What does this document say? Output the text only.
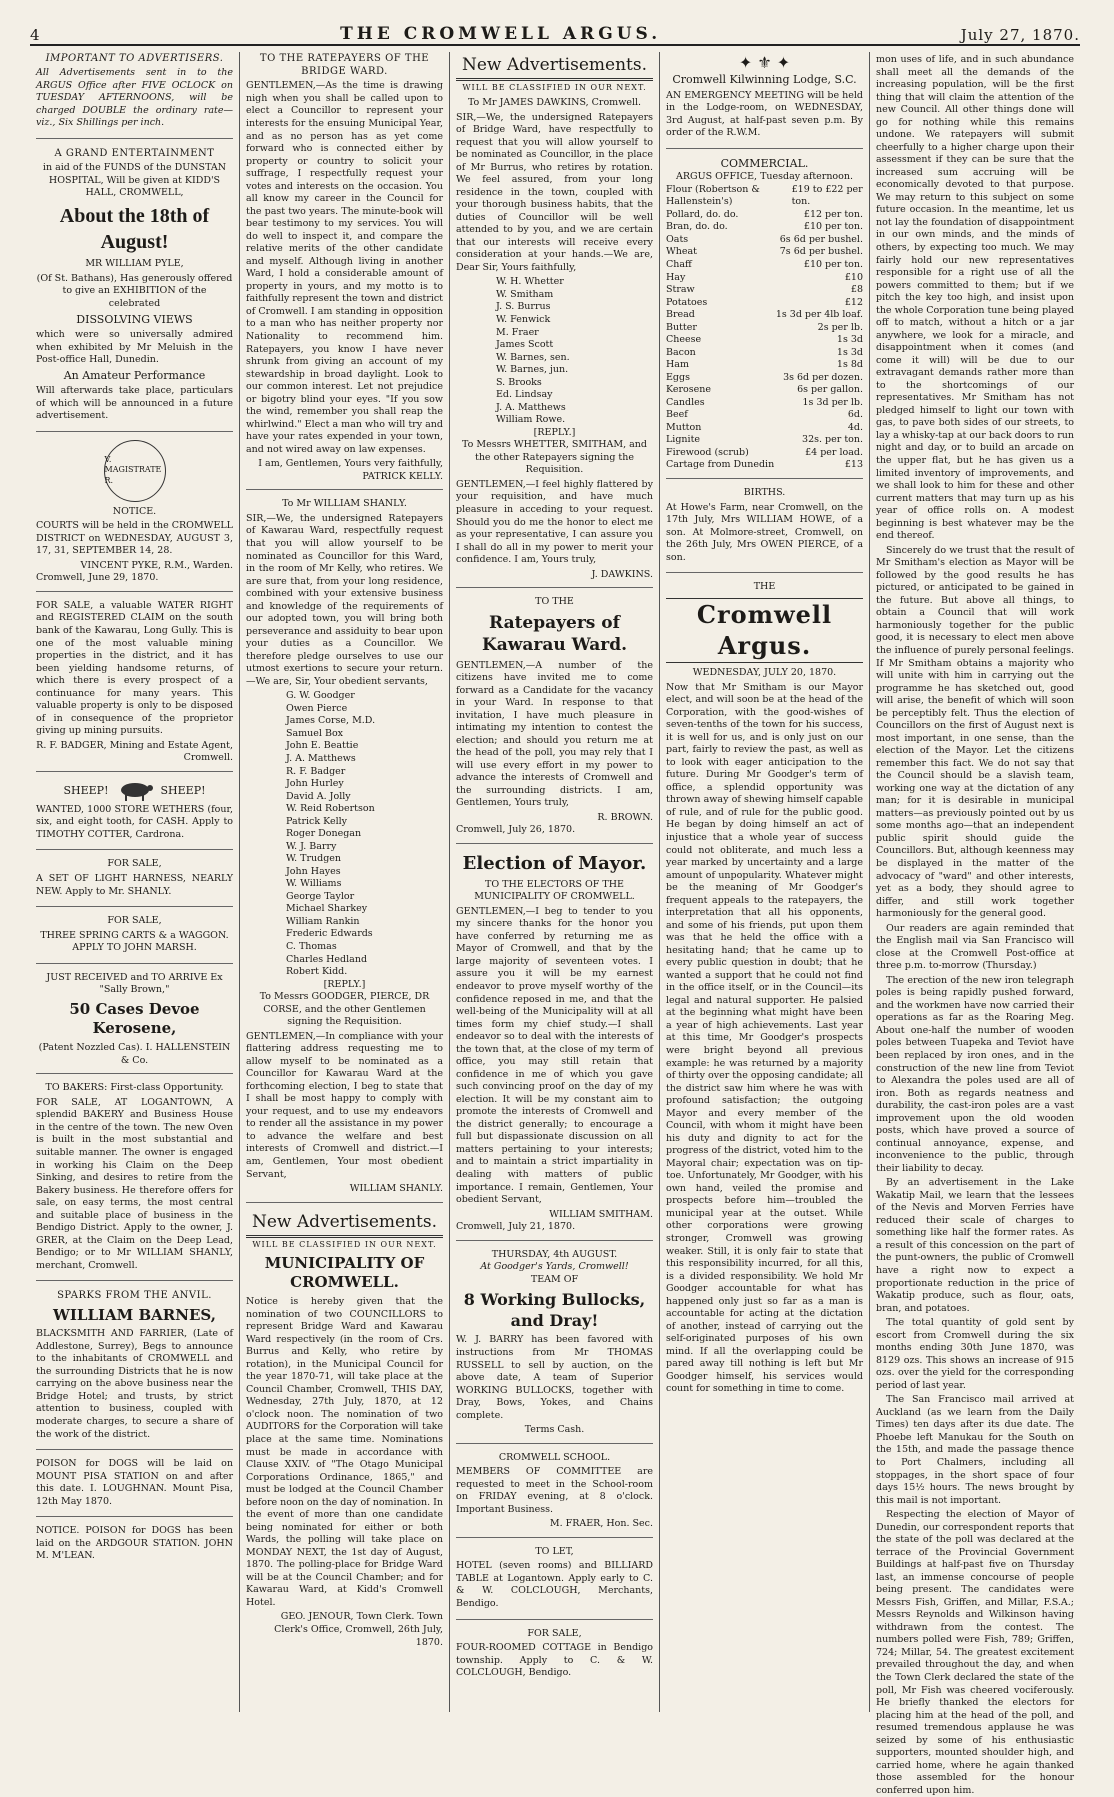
4	THE CROMWELL ARGUS.	July 27, 1870.
IMPORTANT TO ADVERTISERS.

All Advertisements sent in to the ARGUS Office after FIVE OCLOCK on TUESDAY AFTERNOONS, will be charged DOUBLE the ordinary rate—viz., Six Shillings per inch.

A GRAND ENTERTAINMENT

in aid of the FUNDS of the DUNSTAN HOSPITAL, Will be given at KIDD'S HALL, CROMWELL,

About the 18th of August!
MR WILLIAM PYLE,

(Of St. Bathans), Has generously offered to give an EXHIBITION of the celebrated

DISSOLVING VIEWS

which were so universally admired when exhibited by Mr Meluish in the Post-office Hall, Dunedin.

An Amateur Performance

Will afterwards take place, particulars of which will be announced in a future advertisement.

V. MAGISTRATE R.
NOTICE.

COURTS will be held in the CROMWELL DISTRICT on WEDNESDAY, AUGUST 3, 17, 31, SEPTEMBER 14, 28.

VINCENT PYKE, R.M., Warden.
Cromwell, June 29, 1870.

FOR SALE, a valuable WATER RIGHT and REGISTERED CLAIM on the south bank of the Kawarau, Long Gully. This is one of the most valuable mining properties in the district, and it has been yielding handsome returns, of which there is every prospect of a continuance for many years. This valuable property is only to be disposed of in consequence of the proprietor giving up mining pursuits.

R. F. BADGER, Mining and Estate Agent, Cromwell.
SHEEP!	SHEEP!

WANTED, 1000 STORE WETHERS (four, six, and eight tooth, for CASH. Apply to TIMOTHY COTTER, Cardrona.

FOR SALE,

A SET OF LIGHT HARNESS, NEARLY NEW. Apply to Mr. SHANLY.

FOR SALE,

THREE SPRING CARTS & a WAGGON. APPLY TO JOHN MARSH.

JUST RECEIVED and TO ARRIVE Ex "Sally Brown,"

50 Cases Devoe Kerosene,
(Patent Nozzled Cas). I. HALLENSTEIN & Co.
TO BAKERS: First-class Opportunity.

FOR SALE, AT LOGANTOWN, A splendid BAKERY and Business House in the centre of the town. The new Oven is built in the most substantial and suitable manner. The owner is engaged in working his Claim on the Deep Sinking, and desires to retire from the Bakery business. He therefore offers for sale, on easy terms, the most central and suitable place of business in the Bendigo District. Apply to the owner, J. GRER, at the Claim on the Deep Lead, Bendigo; or to Mr WILLIAM SHANLY, merchant, Cromwell.

SPARKS FROM THE ANVIL.
WILLIAM BARNES,

BLACKSMITH AND FARRIER, (Late of Addlestone, Surrey), Begs to announce to the inhabitants of CROMWELL and the surrounding Districts that he is now carrying on the above business near the Bridge Hotel; and trusts, by strict attention to business, coupled with moderate charges, to secure a share of the work of the district.

POISON for DOGS will be laid on MOUNT PISA STATION on and after this date. I. LOUGHNAN. Mount Pisa, 12th May 1870.

NOTICE. POISON for DOGS has been laid on the ARDGOUR STATION. JOHN M. M'LEAN.

TO THE RATEPAYERS OF THE BRIDGE WARD.

GENTLEMEN,—As the time is drawing nigh when you shall be called upon to elect a Councillor to represent your interests for the ensuing Municipal Year, and as no person has as yet come forward who is connected either by property or country to solicit your suffrage, I respectfully request your votes and interests on the occasion. You all know my career in the Council for the past two years. The minute-book will bear testimony to my services. You will do well to inspect it, and compare the relative merits of the other candidate and myself. Although living in another Ward, I hold a considerable amount of property in yours, and my motto is to faithfully represent the town and district of Cromwell. I am standing in opposition to a man who has neither property nor Nationality to recommend him. Ratepayers, you know I have never shrunk from giving an account of my stewardship in broad daylight. Look to our common interest. Let not prejudice or bigotry blind your eyes. "If you sow the wind, remember you shall reap the whirlwind." Elect a man who will try and have your rates expended in your town, and not wired away on law expenses.

I am, Gentlemen, Yours very faithfully, PATRICK KELLY.
To Mr WILLIAM SHANLY.

SIR,—We, the undersigned Ratepayers of Kawarau Ward, respectfully request that you will allow yourself to be nominated as Councillor for this Ward, in the room of Mr Kelly, who retires. We are sure that, from your long residence, combined with your extensive business and knowledge of the requirements of our adopted town, you will bring both perseverance and assiduity to bear upon your duties as a Councillor. We therefore pledge ourselves to use our utmost exertions to secure your return.—We are, Sir, Your obedient servants,

G. W. Goodger
Owen Pierce
James Corse, M.D.
Samuel Box
John E. Beattie
J. A. Matthews
R. F. Badger
John Hurley
David A. Jolly
W. Reid Robertson
Patrick Kelly
Roger Donegan
W. J. Barry
W. Trudgen
John Hayes
W. Williams
George Taylor
Michael Sharkey
William Rankin
Frederic Edwards
C. Thomas
Charles Hedland
Robert Kidd.
[REPLY.]
To Messrs GOODGER, PIERCE, DR CORSE, and the other Gentlemen signing the Requisition.

GENTLEMEN,—In compliance with your flattering address requesting me to allow myself to be nominated as a Councillor for Kawarau Ward at the forthcoming election, I beg to state that I shall be most happy to comply with your request, and to use my endeavors to render all the assistance in my power to advance the welfare and best interests of Cromwell and district.—I am, Gentlemen, Your most obedient Servant,

WILLIAM SHANLY.
New Advertisements.
WILL BE CLASSIFIED IN OUR NEXT.
MUNICIPALITY OF CROMWELL.

Notice is hereby given that the nomination of two COUNCILLORS to represent Bridge Ward and Kawarau Ward respectively (in the room of Crs. Burrus and Kelly, who retire by rotation), in the Municipal Council for the year 1870-71, will take place at the Council Chamber, Cromwell, THIS DAY, Wednesday, 27th July, 1870, at 12 o'clock noon. The nomination of two AUDITORS for the Corporation will take place at the same time. Nominations must be made in accordance with Clause XXIV. of "The Otago Municipal Corporations Ordinance, 1865," and must be lodged at the Council Chamber before noon on the day of nomination. In the event of more than one candidate being nominated for either or both Wards, the polling will take place on MONDAY NEXT, the 1st day of August, 1870. The polling-place for Bridge Ward will be at the Council Chamber; and for Kawarau Ward, at Kidd's Cromwell Hotel.

GEO. JENOUR, Town Clerk. Town Clerk's Office, Cromwell, 26th July, 1870.
New Advertisements.
WILL BE CLASSIFIED IN OUR NEXT.
To Mr JAMES DAWKINS, Cromwell.

SIR,—We, the undersigned Ratepayers of Bridge Ward, have respectfully to request that you will allow yourself to be nominated as Councillor, in the place of Mr Burrus, who retires by rotation. We feel assured, from your long residence in the town, coupled with your thorough business habits, that the duties of Councillor will be well attended to by you, and we are certain that our interests will receive every consideration at your hands.—We are, Dear Sir, Yours faithfully,

W. H. Whetter
W. Smitham
J. S. Burrus
W. Fenwick
M. Fraer
James Scott
W. Barnes, sen.
W. Barnes, jun.
S. Brooks
Ed. Lindsay
J. A. Matthews
William Rowe.
[REPLY.]
To Messrs WHETTER, SMITHAM, and the other Ratepayers signing the Requisition.

GENTLEMEN,—I feel highly flattered by your requisition, and have much pleasure in acceding to your request. Should you do me the honor to elect me as your representative, I can assure you I shall do all in my power to merit your confidence. I am, Yours truly,

J. DAWKINS.
TO THE
Ratepayers of Kawarau Ward.

GENTLEMEN,—A number of the citizens have invited me to come forward as a Candidate for the vacancy in your Ward. In response to that invitation, I have much pleasure in intimating my intention to contest the election; and should you return me at the head of the poll, you may rely that I will use every effort in my power to advance the interests of Cromwell and the surrounding districts. I am, Gentlemen, Yours truly,

R. BROWN.
Cromwell, July 26, 1870.
Election of Mayor.
TO THE ELECTORS OF THE MUNICIPALITY OF CROMWELL.

GENTLEMEN,—I beg to tender to you my sincere thanks for the honor you have conferred by returning me as Mayor of Cromwell, and that by the large majority of seventeen votes. I assure you it will be my earnest endeavor to prove myself worthy of the confidence reposed in me, and that the well-being of the Municipality will at all times form my chief study.—I shall endeavor so to deal with the interests of the town that, at the close of my term of office, you may still retain that confidence in me of which you gave such convincing proof on the day of my election. It will be my constant aim to promote the interests of Cromwell and the district generally; to encourage a full but dispassionate discussion on all matters pertaining to your interests; and to maintain a strict impartiality in dealing with matters of public importance. I remain, Gentlemen, Your obedient Servant,

WILLIAM SMITHAM.
Cromwell, July 21, 1870.
THURSDAY, 4th AUGUST.
At Goodger's Yards, Cromwell!
TEAM OF
8 Working Bullocks, and Dray!

W. J. BARRY has been favored with instructions from Mr THOMAS RUSSELL to sell by auction, on the above date, A team of Superior WORKING BULLOCKS, together with Dray, Bows, Yokes, and Chains complete.

Terms Cash.
CROMWELL SCHOOL.

MEMBERS OF COMMITTEE are requested to meet in the School-room on FRIDAY evening, at 8 o'clock. Important Business.

M. FRAER, Hon. Sec.
TO LET,

HOTEL (seven rooms) and BILLIARD TABLE at Logantown. Apply early to C. & W. COLCLOUGH, Merchants, Bendigo.

FOR SALE,

FOUR-ROOMED COTTAGE in Bendigo township. Apply to C. & W. COLCLOUGH, Bendigo.

✦ ⚜ ✦
Cromwell Kilwinning Lodge, S.C.

AN EMERGENCY MEETING will be held in the Lodge-room, on WEDNESDAY, 3rd August, at half-past seven p.m. By order of the R.W.M.

COMMERCIAL.
ARGUS OFFICE, Tuesday afternoon.
Flour (Robertson & Hallenstein's)
£19 to £22 per ton.
Pollard, do. do.	£12 per ton.
Bran, do. do.	£10 per ton.
Oats	6s 6d per bushel.
Wheat	7s 6d per bushel.
Chaff	£10 per ton.
Hay	£10
Straw	£8
Potatoes	£12
Bread	1s 3d per 4lb loaf.
Butter	2s per lb.
Cheese	1s 3d
Bacon	1s 3d
Ham	1s 8d
Eggs	3s 6d per dozen.
Kerosene	6s per gallon.
Candles	1s 3d per lb.
Beef	6d.
Mutton	4d.
Lignite	32s. per ton.
Firewood (scrub)	£4 per load.
Cartage from Dunedin	£13
BIRTHS.

At Howe's Farm, near Cromwell, on the 17th July, Mrs WILLIAM HOWE, of a son. At Molmore-street, Cromwell, on the 26th July, Mrs OWEN PIERCE, of a son.

THE
Cromwell Argus.
WEDNESDAY, JULY 20, 1870.

Now that Mr Smitham is our Mayor elect, and will soon be at the head of the Corporation, with the good-wishes of seven-tenths of the town for his success, it is well for us, and is only just on our part, fairly to review the past, as well as to look with eager anticipation to the future. During Mr Goodger's term of office, a splendid opportunity was thrown away of shewing himself capable of rule, and of rule for the public good. He began by doing himself an act of injustice that a whole year of success could not obliterate, and much less a year marked by uncertainty and a large amount of unpopularity. Whatever might be the meaning of Mr Goodger's frequent appeals to the ratepayers, the interpretation that all his opponents, and some of his friends, put upon them was that he held the office with a hesitating hand; that he came up to every public question in doubt; that he wanted a support that he could not find in the office itself, or in the Council—its legal and natural supporter. He palsied at the beginning what might have been a year of high achievements. Last year at this time, Mr Goodger's prospects were bright beyond all previous example: he was returned by a majority of thirty over the opposing candidate; all the district saw him where he was with profound satisfaction; the outgoing Mayor and every member of the Council, with whom it might have been his duty and dignity to act for the progress of the district, voted him to the Mayoral chair; expectation was on tip-toe. Unfortunately, Mr Goodger, with his own hand, veiled the promise and prospects before him—troubled the municipal year at the outset. While other corporations were growing stronger, Cromwell was growing weaker. Still, it is only fair to state that this responsibility incurred, for all this, is a divided responsibility. We hold Mr Goodger accountable for what has happened only just so far as a man is accountable for acting at the dictation of another, instead of carrying out the self-originated purposes of his own mind. If all the overlapping could be pared away till nothing is left but Mr Goodger himself, his services would count for something in time to come.

mon uses of life, and in such abundance shall meet all the demands of the increasing population, will be the first thing that will claim the attention of the new Council. All other things done will go for nothing while this remains undone. We ratepayers will submit cheerfully to a higher charge upon their assessment if they can be sure that the increased sum accruing will be economically devoted to that purpose. We may return to this subject on some future occasion. In the meantime, let us not lay the foundation of disappointment in our own minds, and the minds of others, by expecting too much. We may fairly hold our new representatives responsible for a right use of all the powers committed to them; but if we pitch the key too high, and insist upon the whole Corporation tune being played off to match, without a hitch or a jar anywhere, we look for a miracle, and disappointment when it comes (and come it will) will be due to our extravagant demands rather more than to the shortcomings of our representatives. Mr Smitham has not pledged himself to light our town with gas, to pave both sides of our streets, to lay a whisky-tap at our back doors to run night and day, or to build an arcade on the upper flat, but he has given us a limited inventory of improvements, and we shall look to him for these and other current matters that may turn up as his year of office rolls on. A modest beginning is best whatever may be the end thereof.

Sincerely do we trust that the result of Mr Smitham's election as Mayor will be followed by the good results he has pictured, or anticipated to be gained in the future. But above all things, to obtain a Council that will work harmoniously together for the public good, it is necessary to elect men above the influence of purely personal feelings. If Mr Smitham obtains a majority who will unite with him in carrying out the programme he has sketched out, good will arise, the benefit of which will soon be perceptibly felt. Thus the election of Councillors on the first of August next is most important, in one sense, than the election of the Mayor. Let the citizens remember this fact. We do not say that the Council should be a slavish team, working one way at the dictation of any man; for it is desirable in municipal matters—as previously pointed out by us some months ago—that an independent public spirit should guide the Councillors. But, although keenness may be displayed in the matter of the advocacy of "ward" and other interests, yet as a body, they should agree to differ, and still work together harmoniously for the general good.

Our readers are again reminded that the English mail via San Francisco will close at the Cromwell Post-office at three p.m. to-morrow (Thursday.)

The erection of the new iron telegraph poles is being rapidly pushed forward, and the workmen have now carried their operations as far as the Roaring Meg. About one-half the number of wooden poles between Tuapeka and Teviot have been replaced by iron ones, and in the construction of the new line from Teviot to Alexandra the poles used are all of iron. Both as regards neatness and durability, the cast-iron poles are a vast improvement upon the old wooden posts, which have proved a source of continual annoyance, expense, and inconvenience to the public, through their liability to decay.

By an advertisement in the Lake Wakatip Mail, we learn that the lessees of the Nevis and Morven Ferries have reduced their scale of charges to something like half the former rates. As a result of this concession on the part of the punt-owners, the public of Cromwell have a right now to expect a proportionate reduction in the price of Wakatip produce, such as flour, oats, bran, and potatoes.

The total quantity of gold sent by escort from Cromwell during the six months ending 30th June 1870, was 8129 ozs. This shows an increase of 915 ozs. over the yield for the corresponding period of last year.

The San Francisco mail arrived at Auckland (as we learn from the Daily Times) ten days after its due date. The Phoebe left Manukau for the South on the 15th, and made the passage thence to Port Chalmers, including all stoppages, in the short space of four days 15½ hours. The news brought by this mail is not important.

Respecting the election of Mayor of Dunedin, our correspondent reports that the state of the poll was declared at the terrace of the Provincial Government Buildings at half-past five on Thursday last, an immense concourse of people being present. The candidates were Messrs Fish, Griffen, and Millar, F.S.A.; Messrs Reynolds and Wilkinson having withdrawn from the contest. The numbers polled were Fish, 789; Griffen, 724; Millar, 54. The greatest excitement prevailed throughout the day, and when the Town Clerk declared the state of the poll, Mr Fish was cheered vociferously. He briefly thanked the electors for placing him at the head of the poll, and resumed tremendous applause he was seized by some of his enthusiastic supporters, mounted shoulder high, and carried home, where he again thanked those assembled for the honour conferred upon him.
